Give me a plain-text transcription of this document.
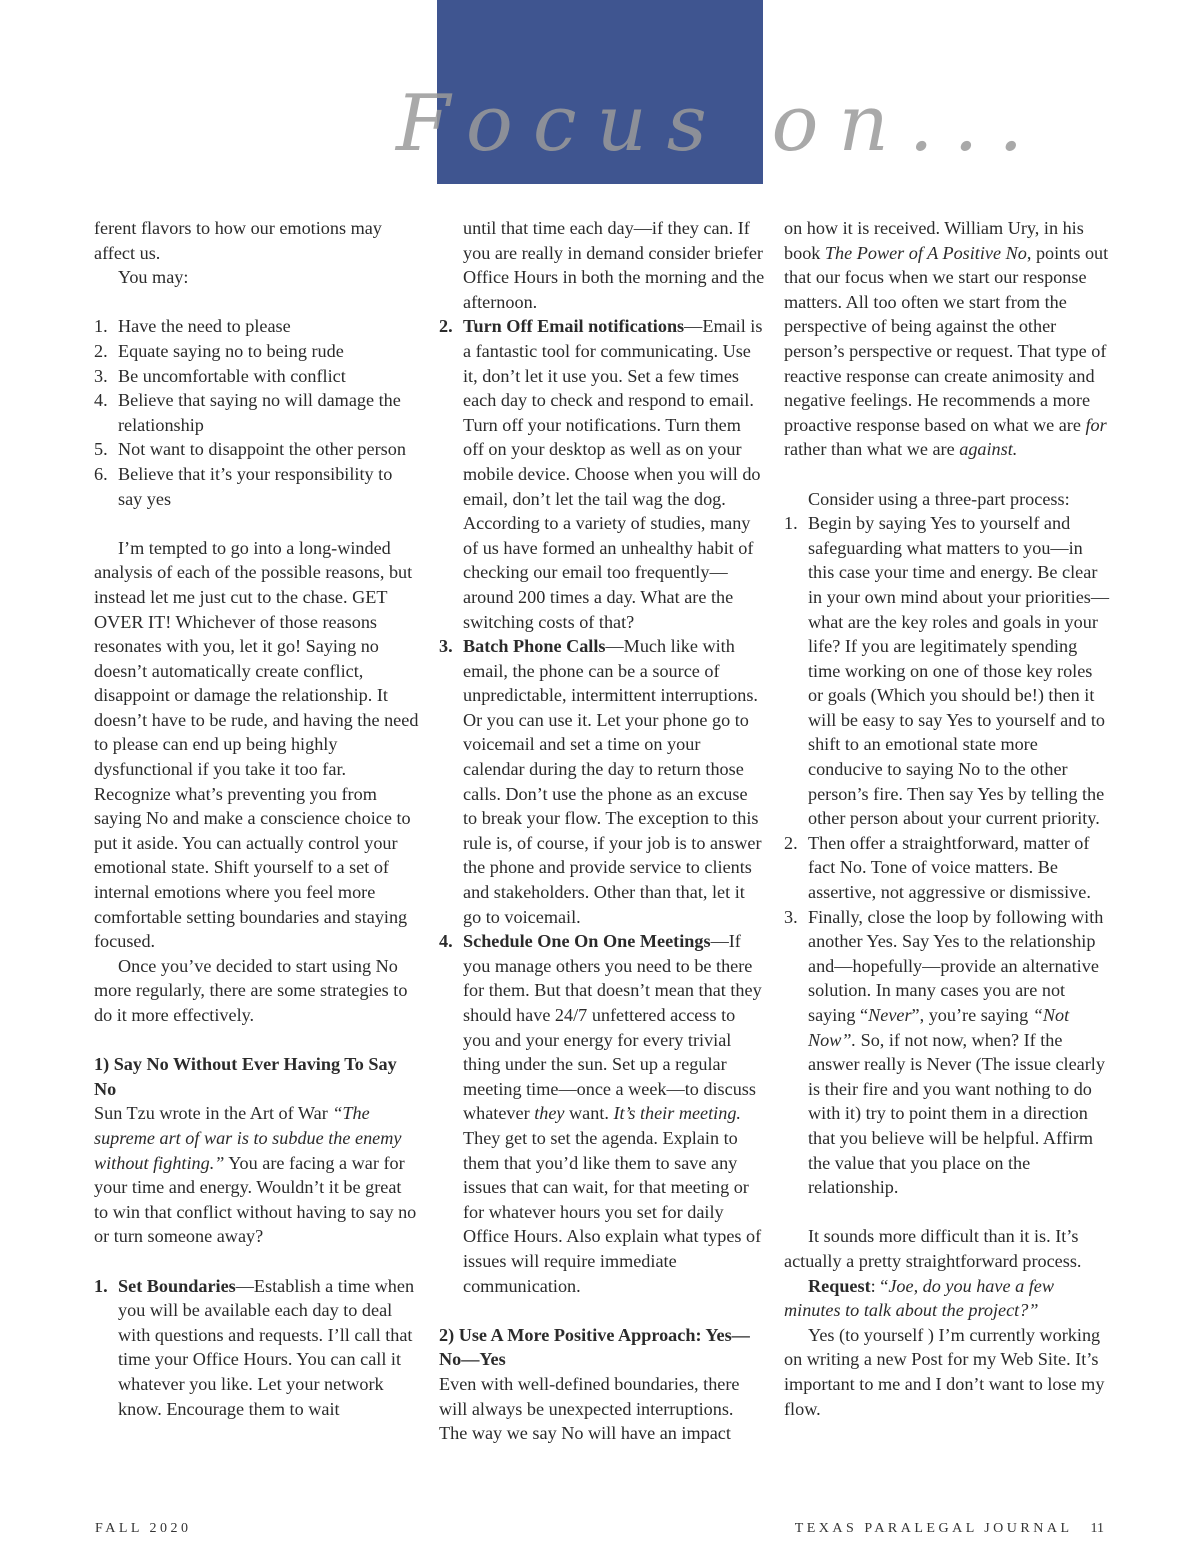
Focus on...

ferent flavors to how our emotions may affect us.

You may:

1. Have the need to please

2. Equate saying no to being rude

3. Be uncomfortable with conflict

4. Believe that saying no will damage the relationship

5. Not want to disappoint the other person

6. Believe that it’s your responsibility to say yes

I’m tempted to go into a long-winded analysis of each of the possible reasons, but instead let me just cut to the chase. GET OVER IT! Whichever of those reasons resonates with you, let it go! Saying no doesn’t automatically create conflict, disappoint or damage the relationship. It doesn’t have to be rude, and having the need to please can end up being highly dysfunctional if you take it too far. Recognize what’s preventing you from saying No and make a conscience choice to put it aside. You can actually control your emotional state. Shift yourself to a set of internal emotions where you feel more comfortable setting boundaries and staying focused.

Once you’ve decided to start using No more regularly, there are some strategies to do it more effectively.

1) Say No Without Ever Having To Say No

Sun Tzu wrote in the Art of War “The supreme art of war is to subdue the enemy without fighting.” You are facing a war for your time and energy. Wouldn’t it be great to win that conflict without having to say no or turn someone away?

1. Set Boundaries—Establish a time when you will be available each day to deal with questions and requests. I’ll call that time your Office Hours. You can call it whatever you like. Let your network know. Encourage them to wait

until that time each day—if they can. If you are really in demand consider briefer Office Hours in both the morning and the afternoon.

2. Turn Off Email notifications—Email is a fantastic tool for communicating. Use it, don’t let it use you. Set a few times each day to check and respond to email. Turn off your notifications. Turn them off on your desktop as well as on your mobile device. Choose when you will do email, don’t let the tail wag the dog. According to a variety of studies, many of us have formed an unhealthy habit of checking our email too frequently—around 200 times a day. What are the switching costs of that?

3. Batch Phone Calls—Much like with email, the phone can be a source of unpredictable, intermittent interruptions. Or you can use it. Let your phone go to voicemail and set a time on your calendar during the day to return those calls. Don’t use the phone as an excuse to break your flow. The exception to this rule is, of course, if your job is to answer the phone and provide service to clients and stakeholders. Other than that, let it go to voicemail.

4. Schedule One On One Meetings—If you manage others you need to be there for them. But that doesn’t mean that they should have 24/7 unfettered access to you and your energy for every trivial thing under the sun. Set up a regular meeting time—once a week—to discuss whatever they want. It’s their meeting. They get to set the agenda. Explain to them that you’d like them to save any issues that can wait, for that meeting or for whatever hours you set for daily Office Hours. Also explain what types of issues will require immediate communication.

2) Use A More Positive Approach: Yes—No—Yes

Even with well-defined boundaries, there will always be unexpected interruptions. The way we say No will have an impact

on how it is received. William Ury, in his book The Power of A Positive No, points out that our focus when we start our response matters. All too often we start from the perspective of being against the other person’s perspective or request. That type of reactive response can create animosity and negative feelings. He recommends a more proactive response based on what we are for rather than what we are against.

Consider using a three-part process:

1. Begin by saying Yes to yourself and safeguarding what matters to you—in this case your time and energy. Be clear in your own mind about your priorities—what are the key roles and goals in your life? If you are legitimately spending time working on one of those key roles or goals (Which you should be!) then it will be easy to say Yes to yourself and to shift to an emotional state more conducive to saying No to the other person’s fire. Then say Yes by telling the other person about your current priority.

2. Then offer a straightforward, matter of fact No. Tone of voice matters. Be assertive, not aggressive or dismissive.

3. Finally, close the loop by following with another Yes. Say Yes to the relationship and—hopefully—provide an alternative solution. In many cases you are not saying “Never”, you’re saying “Not Now”. So, if not now, when? If the answer really is Never (The issue clearly is their fire and you want nothing to do with it) try to point them in a direction that you believe will be helpful. Affirm the value that you place on the relationship.

It sounds more difficult than it is. It’s actually a pretty straightforward process.

Request: “Joe, do you have a few minutes to talk about the project?”

Yes (to yourself ) I’m currently working on writing a new Post for my Web Site. It’s important to me and I don’t want to lose my flow.

FALL 2020	TEXAS PARALEGAL JOURNAL 11
